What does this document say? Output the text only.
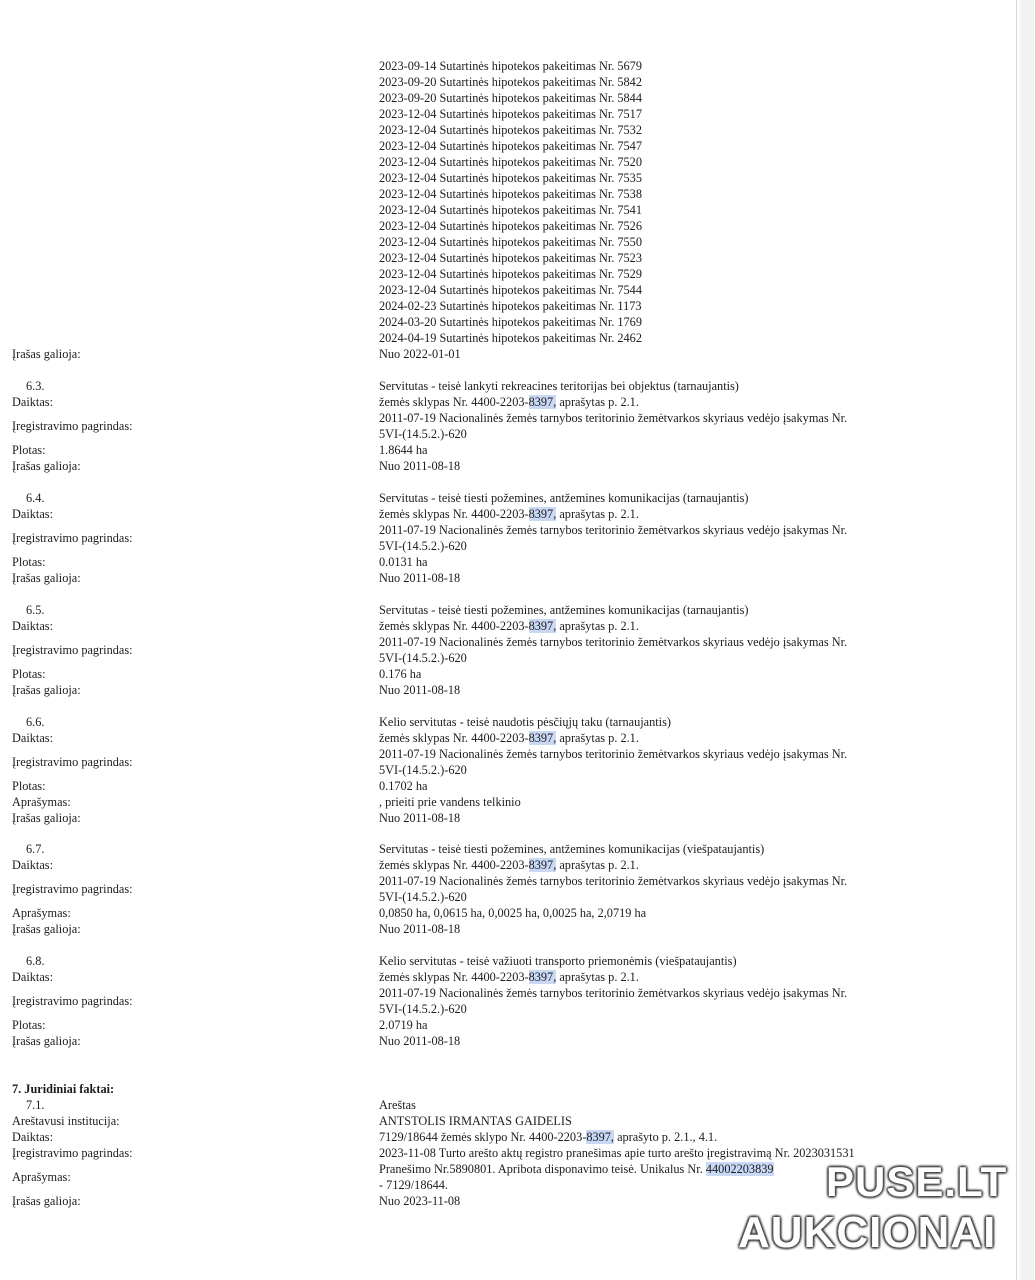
2023-09-14 Sutartinės hipotekos pakeitimas Nr. 5679
2023-09-20 Sutartinės hipotekos pakeitimas Nr. 5842
2023-09-20 Sutartinės hipotekos pakeitimas Nr. 5844
2023-12-04 Sutartinės hipotekos pakeitimas Nr. 7517
2023-12-04 Sutartinės hipotekos pakeitimas Nr. 7532
2023-12-04 Sutartinės hipotekos pakeitimas Nr. 7547
2023-12-04 Sutartinės hipotekos pakeitimas Nr. 7520
2023-12-04 Sutartinės hipotekos pakeitimas Nr. 7535
2023-12-04 Sutartinės hipotekos pakeitimas Nr. 7538
2023-12-04 Sutartinės hipotekos pakeitimas Nr. 7541
2023-12-04 Sutartinės hipotekos pakeitimas Nr. 7526
2023-12-04 Sutartinės hipotekos pakeitimas Nr. 7550
2023-12-04 Sutartinės hipotekos pakeitimas Nr. 7523
2023-12-04 Sutartinės hipotekos pakeitimas Nr. 7529
2023-12-04 Sutartinės hipotekos pakeitimas Nr. 7544
2024-02-23 Sutartinės hipotekos pakeitimas Nr. 1173
2024-03-20 Sutartinės hipotekos pakeitimas Nr. 1769
2024-04-19 Sutartinės hipotekos pakeitimas Nr. 2462
Įrašas galioja:	Nuo 2022-01-01
6.3.	Servitutas - teisė lankyti rekreacines teritorijas bei objektus (tarnaujantis)
Daiktas:	žemės sklypas Nr. 4400-2203-8397, aprašytas p. 2.1.
Įregistravimo pagrindas:
2011-07-19 Nacionalinės žemės tarnybos teritorinio žemėtvarkos skyriaus vedėjo įsakymas Nr.
5VI-(14.5.2.)-620
Plotas:	1.8644 ha
Įrašas galioja:	Nuo 2011-08-18
6.4.	Servitutas - teisė tiesti požemines, antžemines komunikacijas (tarnaujantis)
Daiktas:	žemės sklypas Nr. 4400-2203-8397, aprašytas p. 2.1.
Įregistravimo pagrindas:
2011-07-19 Nacionalinės žemės tarnybos teritorinio žemėtvarkos skyriaus vedėjo įsakymas Nr.
5VI-(14.5.2.)-620
Plotas:	0.0131 ha
Įrašas galioja:	Nuo 2011-08-18
6.5.	Servitutas - teisė tiesti požemines, antžemines komunikacijas (tarnaujantis)
Daiktas:	žemės sklypas Nr. 4400-2203-8397, aprašytas p. 2.1.
Įregistravimo pagrindas:
2011-07-19 Nacionalinės žemės tarnybos teritorinio žemėtvarkos skyriaus vedėjo įsakymas Nr.
5VI-(14.5.2.)-620
Plotas:	0.176 ha
Įrašas galioja:	Nuo 2011-08-18
6.6.	Kelio servitutas - teisė naudotis pėsčiųjų taku (tarnaujantis)
Daiktas:	žemės sklypas Nr. 4400-2203-8397, aprašytas p. 2.1.
Įregistravimo pagrindas:
2011-07-19 Nacionalinės žemės tarnybos teritorinio žemėtvarkos skyriaus vedėjo įsakymas Nr.
5VI-(14.5.2.)-620
Plotas:	0.1702 ha
Aprašymas:	, prieiti prie vandens telkinio
Įrašas galioja:	Nuo 2011-08-18
6.7.	Servitutas - teisė tiesti požemines, antžemines komunikacijas (viešpataujantis)
Daiktas:	žemės sklypas Nr. 4400-2203-8397, aprašytas p. 2.1.
Įregistravimo pagrindas:
2011-07-19 Nacionalinės žemės tarnybos teritorinio žemėtvarkos skyriaus vedėjo įsakymas Nr.
5VI-(14.5.2.)-620
Aprašymas:	0,0850 ha, 0,0615 ha, 0,0025 ha, 0,0025 ha, 2,0719 ha
Įrašas galioja:	Nuo 2011-08-18
6.8.	Kelio servitutas - teisė važiuoti transporto priemonėmis (viešpataujantis)
Daiktas:	žemės sklypas Nr. 4400-2203-8397, aprašytas p. 2.1.
Įregistravimo pagrindas:
2011-07-19 Nacionalinės žemės tarnybos teritorinio žemėtvarkos skyriaus vedėjo įsakymas Nr.
5VI-(14.5.2.)-620
Plotas:	2.0719 ha
Įrašas galioja:	Nuo 2011-08-18
7. Juridiniai faktai:
7.1.	Areštas
Areštavusi institucija:	ANTSTOLIS IRMANTAS GAIDELIS
Daiktas:	7129/18644 žemės sklypo Nr. 4400-2203-8397, aprašyto p. 2.1., 4.1.
Įregistravimo pagrindas:	2023-11-08 Turto arešto aktų registro pranešimas apie turto arešto įregistravimą Nr. 2023031531
Aprašymas:
Pranešimo Nr.5890801. Apribota disponavimo teisė. Unikalus Nr. 44002203839
- 7129/18644.
Įrašas galioja:	Nuo 2023-11-08	PUSE.LT
AUKCIONAI
